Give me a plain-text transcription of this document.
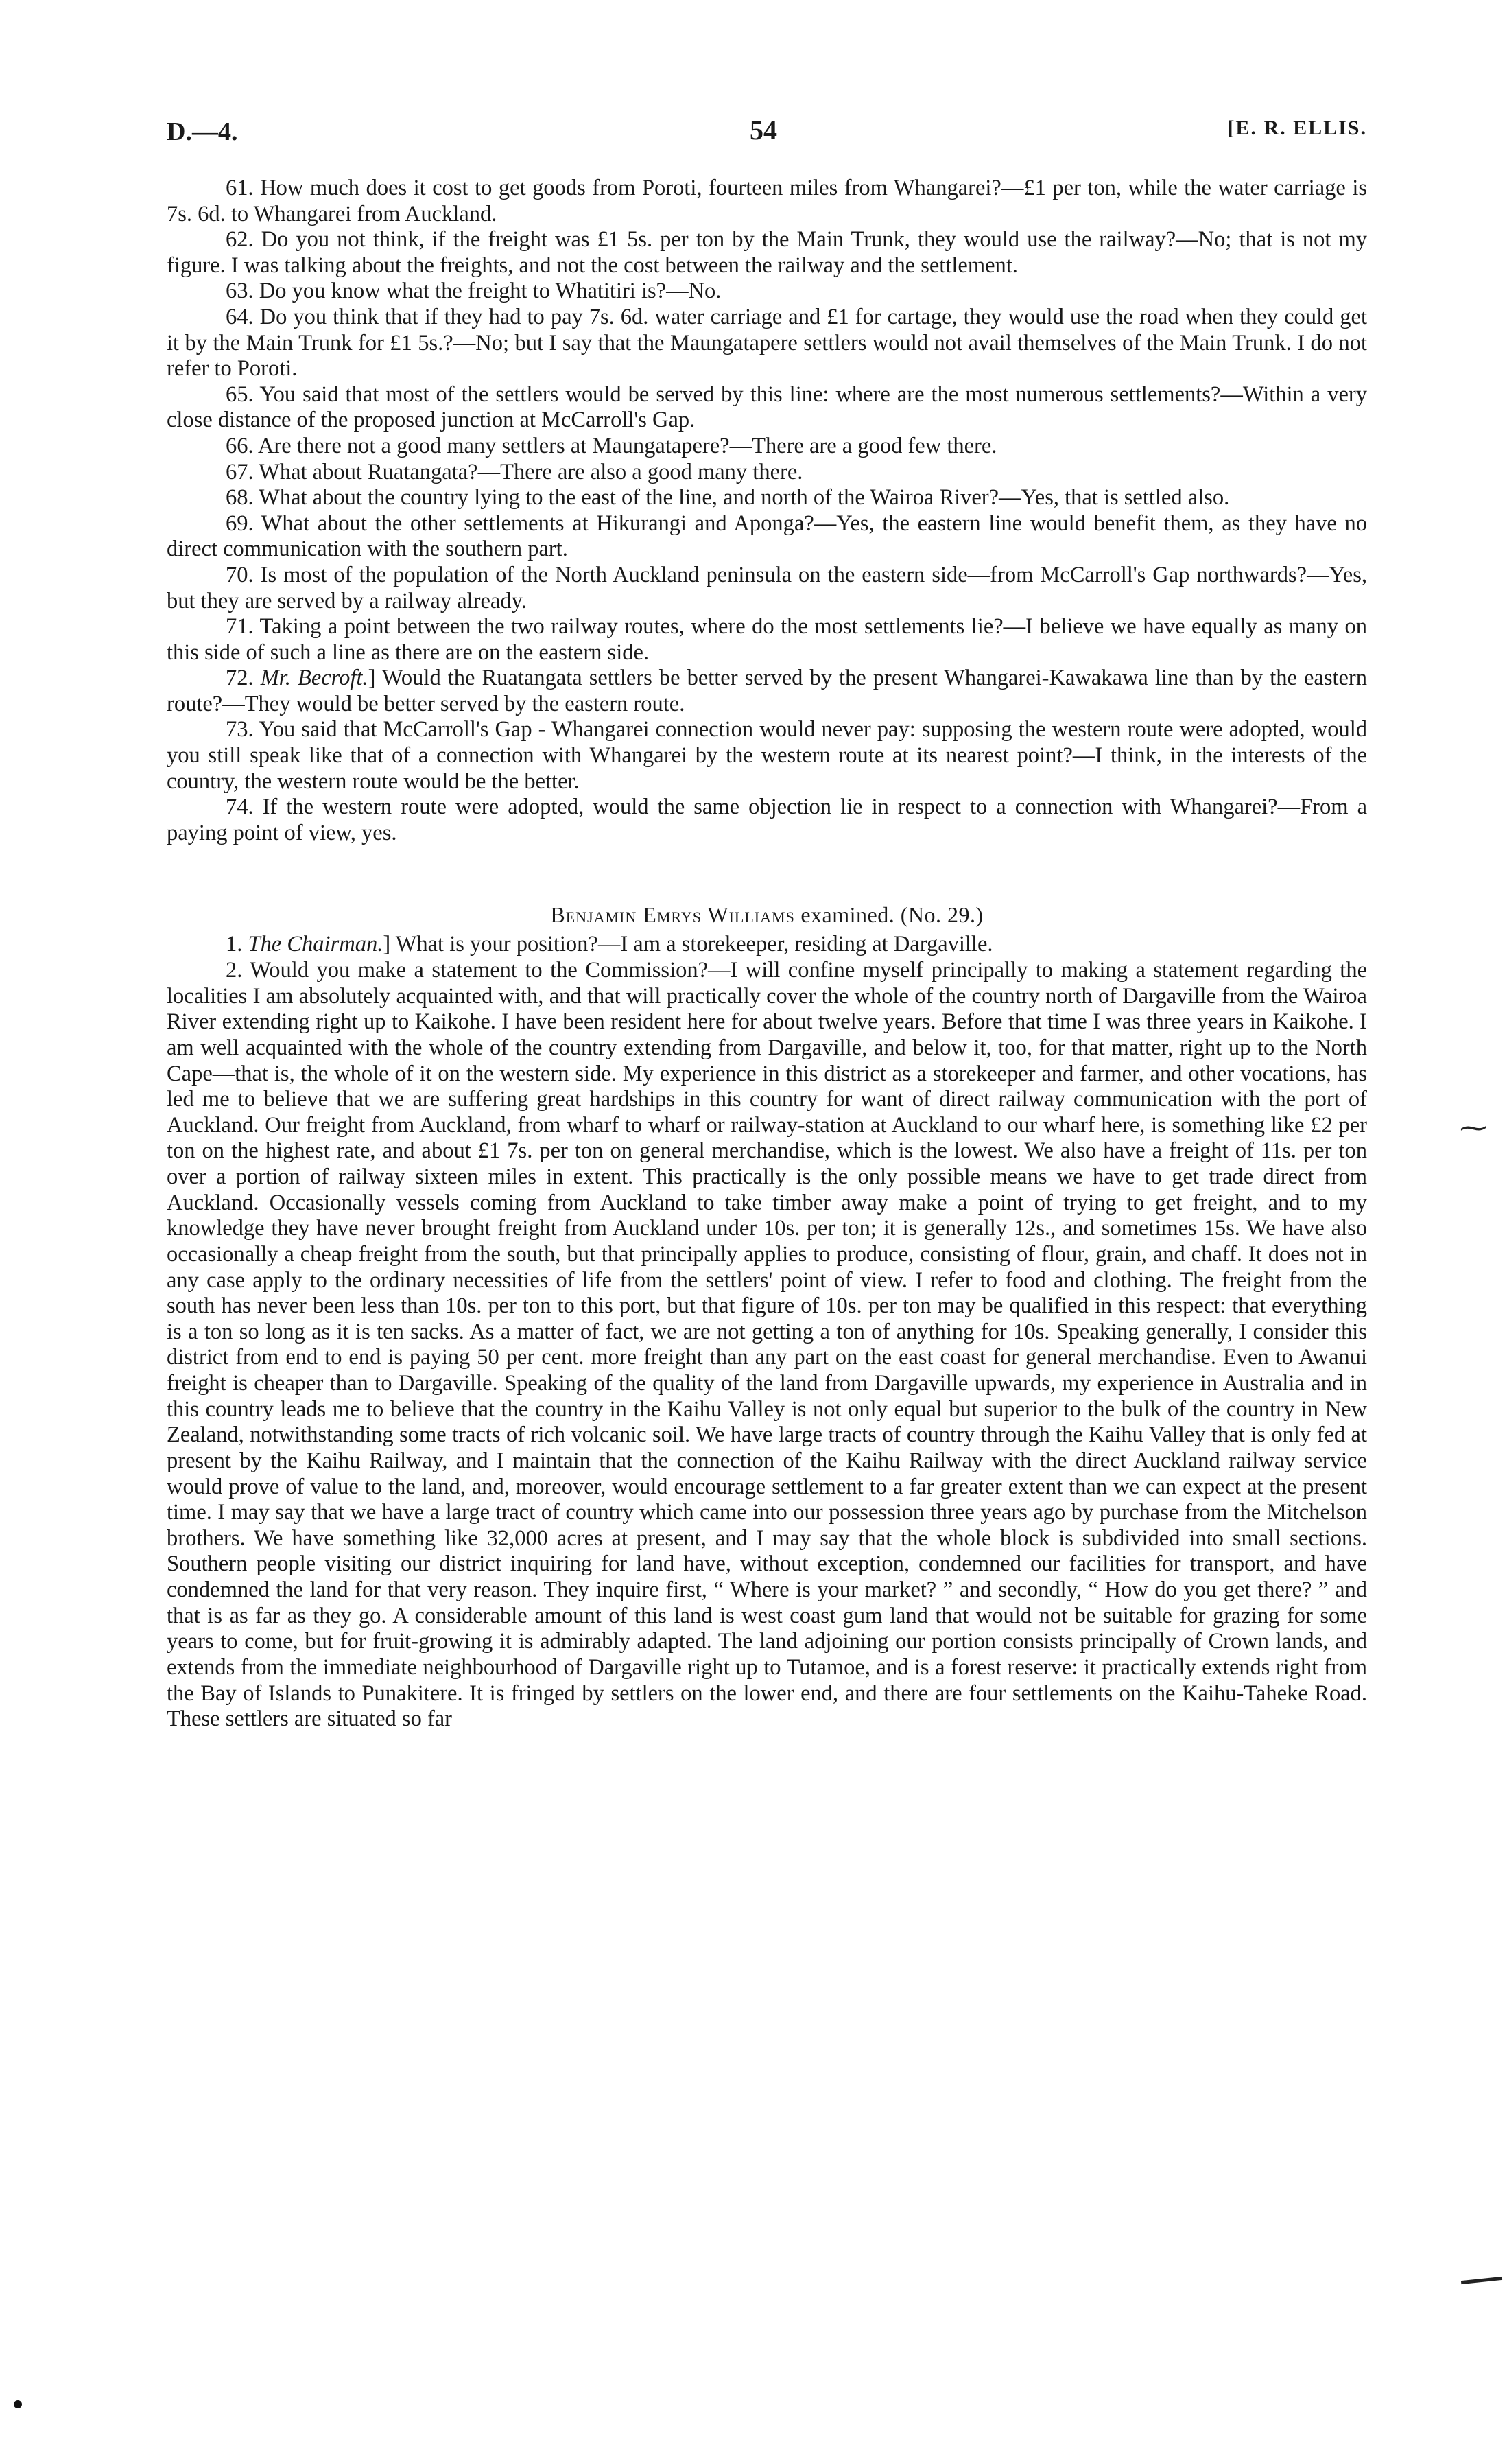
D.—4.	54	[E. R. ELLIS.

61. How much does it cost to get goods from Poroti, fourteen miles from Whangarei?—£1 per ton, while the water carriage is 7s. 6d. to Whangarei from Auckland.

62. Do you not think, if the freight was £1 5s. per ton by the Main Trunk, they would use the railway?—No; that is not my figure. I was talking about the freights, and not the cost between the railway and the settlement.

63. Do you know what the freight to Whatitiri is?—No.

64. Do you think that if they had to pay 7s. 6d. water carriage and £1 for cartage, they would use the road when they could get it by the Main Trunk for £1 5s.?—No; but I say that the Maungatapere settlers would not avail themselves of the Main Trunk. I do not refer to Poroti.

65. You said that most of the settlers would be served by this line: where are the most numerous settlements?—Within a very close distance of the proposed junction at McCarroll's Gap.

66. Are there not a good many settlers at Maungatapere?—There are a good few there.

67. What about Ruatangata?—There are also a good many there.

68. What about the country lying to the east of the line, and north of the Wairoa River?—Yes, that is settled also.

69. What about the other settlements at Hikurangi and Aponga?—Yes, the eastern line would benefit them, as they have no direct communication with the southern part.

70. Is most of the population of the North Auckland peninsula on the eastern side—from McCarroll's Gap northwards?—Yes, but they are served by a railway already.

71. Taking a point between the two railway routes, where do the most settlements lie?—I believe we have equally as many on this side of such a line as there are on the eastern side.

72. Mr. Becroft.] Would the Ruatangata settlers be better served by the present Whangarei-Kawakawa line than by the eastern route?—They would be better served by the eastern route.

73. You said that McCarroll's Gap - Whangarei connection would never pay: supposing the western route were adopted, would you still speak like that of a connection with Whangarei by the western route at its nearest point?—I think, in the interests of the country, the western route would be the better.

74. If the western route were adopted, would the same objection lie in respect to a connection with Whangarei?—From a paying point of view, yes.

Benjamin Emrys Williams examined. (No. 29.)

1. The Chairman.] What is your position?—I am a storekeeper, residing at Dargaville.

2. Would you make a statement to the Commission?—I will confine myself principally to making a statement regarding the localities I am absolutely acquainted with, and that will practically cover the whole of the country north of Dargaville from the Wairoa River extending right up to Kaikohe. I have been resident here for about twelve years. Before that time I was three years in Kaikohe. I am well acquainted with the whole of the country extending from Dargaville, and below it, too, for that matter, right up to the North Cape—that is, the whole of it on the western side. My experience in this district as a storekeeper and farmer, and other vocations, has led me to believe that we are suffering great hardships in this country for want of direct railway communication with the port of Auckland. Our freight from Auckland, from wharf to wharf or railway-station at Auckland to our wharf here, is something like £2 per ton on the highest rate, and about £1 7s. per ton on general merchandise, which is the lowest. We also have a freight of 11s. per ton over a portion of railway sixteen miles in extent. This practically is the only possible means we have to get trade direct from Auckland. Occasionally vessels coming from Auckland to take timber away make a point of trying to get freight, and to my knowledge they have never brought freight from Auckland under 10s. per ton; it is generally 12s., and sometimes 15s. We have also occasionally a cheap freight from the south, but that principally applies to produce, consisting of flour, grain, and chaff. It does not in any case apply to the ordinary necessities of life from the settlers' point of view. I refer to food and clothing. The freight from the south has never been less than 10s. per ton to this port, but that figure of 10s. per ton may be qualified in this respect: that everything is a ton so long as it is ten sacks. As a matter of fact, we are not getting a ton of anything for 10s. Speaking generally, I consider this district from end to end is paying 50 per cent. more freight than any part on the east coast for general merchandise. Even to Awanui freight is cheaper than to Dargaville. Speaking of the quality of the land from Dargaville upwards, my experience in Australia and in this country leads me to believe that the country in the Kaihu Valley is not only equal but superior to the bulk of the country in New Zealand, notwithstanding some tracts of rich volcanic soil. We have large tracts of country through the Kaihu Valley that is only fed at present by the Kaihu Railway, and I maintain that the connection of the Kaihu Railway with the direct Auckland railway service would prove of value to the land, and, moreover, would encourage settlement to a far greater extent than we can expect at the present time. I may say that we have a large tract of country which came into our possession three years ago by purchase from the Mitchelson brothers. We have something like 32,000 acres at present, and I may say that the whole block is subdivided into small sections. Southern people visiting our district inquiring for land have, without exception, condemned our facilities for transport, and have condemned the land for that very reason. They inquire first, “ Where is your market? ” and secondly, “ How do you get there? ” and that is as far as they go. A considerable amount of this land is west coast gum land that would not be suitable for grazing for some years to come, but for fruit-growing it is admirably adapted. The land adjoining our portion consists principally of Crown lands, and extends from the immediate neighbourhood of Dargaville right up to Tutamoe, and is a forest reserve: it practically extends right from the Bay of Islands to Punakitere. It is fringed by settlers on the lower end, and there are four settlements on the Kaihu-Taheke Road. These settlers are situated so far

⁓
